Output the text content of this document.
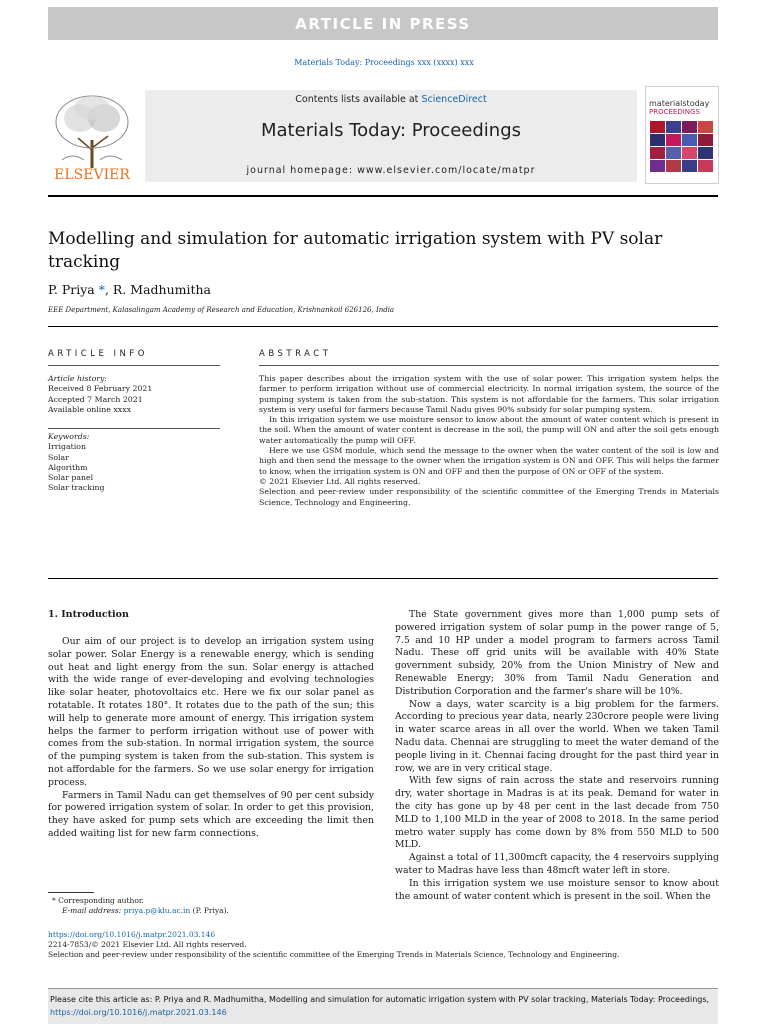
ARTICLE IN PRESS
Materials Today: Proceedings xxx (xxxx) xxx
ELSEVIER
Contents lists available at ScienceDirect
Materials Today: Proceedings
journal homepage: www.elsevier.com/locate/matpr
materialstoday
PROCEEDINGS
Modelling and simulation for automatic irrigation system with PV solar tracking
P. Priya *, R. Madhumitha
EEE Department, Kalasalingam Academy of Research and Education, Krishnankoil 626126, India
ARTICLE INFO
Article history:
Received 8 February 2021
Accepted 7 March 2021
Available online xxxx
Keywords:
Irrigation
Solar
Algorithm
Solar panel
Solar tracking
ABSTRACT
This paper describes about the irrigation system with the use of solar power. This irrigation system helps the farmer to perform irrigation without use of commercial electricity. In normal irrigation system, the source of the pumping system is taken from the sub-station. This system is not affordable for the farmers. This solar irrigation system is very useful for farmers because Tamil Nadu gives 90% subsidy for solar pumping system.
In this irrigation system we use moisture sensor to know about the amount of water content which is present in the soil. When the amount of water content is decrease in the soil, the pump will ON and after the soil gets enough water automatically the pump will OFF.
Here we use GSM module, which send the message to the owner when the water content of the soil is low and high and then send the message to the owner when the irrigation system is ON and OFF. This will helps the farmer to know, when the irrigation system is ON and OFF and then the purpose of ON or OFF of the system.
© 2021 Elsevier Ltd. All rights reserved.
Selection and peer-review under responsibility of the scientific committee of the Emerging Trends in Materials Science, Technology and Engineering.
1. Introduction

Our aim of our project is to develop an irrigation system using solar power. Solar Energy is a renewable energy, which is sending out heat and light energy from the sun. Solar energy is attached with the wide range of ever-developing and evolving technologies like solar heater, photovoltaics etc. Here we fix our solar panel as rotatable. It rotates 180°. It rotates due to the path of the sun; this will help to generate more amount of energy. This irrigation system helps the farmer to perform irrigation without use of power with comes from the sub-station. In normal irrigation system, the source of the pumping system is taken from the sub-station. This system is not affordable for the farmers. So we use solar energy for irrigation process.

Farmers in Tamil Nadu can get themselves of 90 per cent subsidy for powered irrigation system of solar. In order to get this provision, they have asked for pump sets which are exceeding the limit then added waiting list for new farm connections.

The State government gives more than 1,000 pump sets of powered irrigation system of solar pump in the power range of 5, 7.5 and 10 HP under a model program to farmers across Tamil Nadu. These off grid units will be available with 40% State government subsidy, 20% from the Union Ministry of New and Renewable Energy; 30% from Tamil Nadu Generation and Distribution Corporation and the farmer's share will be 10%.

Now a days, water scarcity is a big problem for the farmers. According to precious year data, nearly 230crore people were living in water scarce areas in all over the world. When we taken Tamil Nadu data. Chennai are struggling to meet the water demand of the people living in it. Chennai facing drought for the past third year in row, we are in very critical stage.

With few signs of rain across the state and reservoirs running dry, water shortage in Madras is at its peak. Demand for water in the city has gone up by 48 per cent in the last decade from 750 MLD to 1,100 MLD in the year of 2008 to 2018. In the same period metro water supply has come down by 8% from 550 MLD to 500 MLD.

Against a total of 11,300mcft capacity, the 4 reservoirs supplying water to Madras have less than 48mcft water left in store.

In this irrigation system we use moisture sensor to know about the amount of water content which is present in the soil. When the

* Corresponding author.
E-mail address: priya.p@klu.ac.in (P. Priya).
https://doi.org/10.1016/j.matpr.2021.03.146
2214-7853/© 2021 Elsevier Ltd. All rights reserved.
Selection and peer-review under responsibility of the scientific committee of the Emerging Trends in Materials Science, Technology and Engineering.
Please cite this article as: P. Priya and R. Madhumitha, Modelling and simulation for automatic irrigation system with PV solar tracking, Materials Today: Proceedings, https://doi.org/10.1016/j.matpr.2021.03.146
